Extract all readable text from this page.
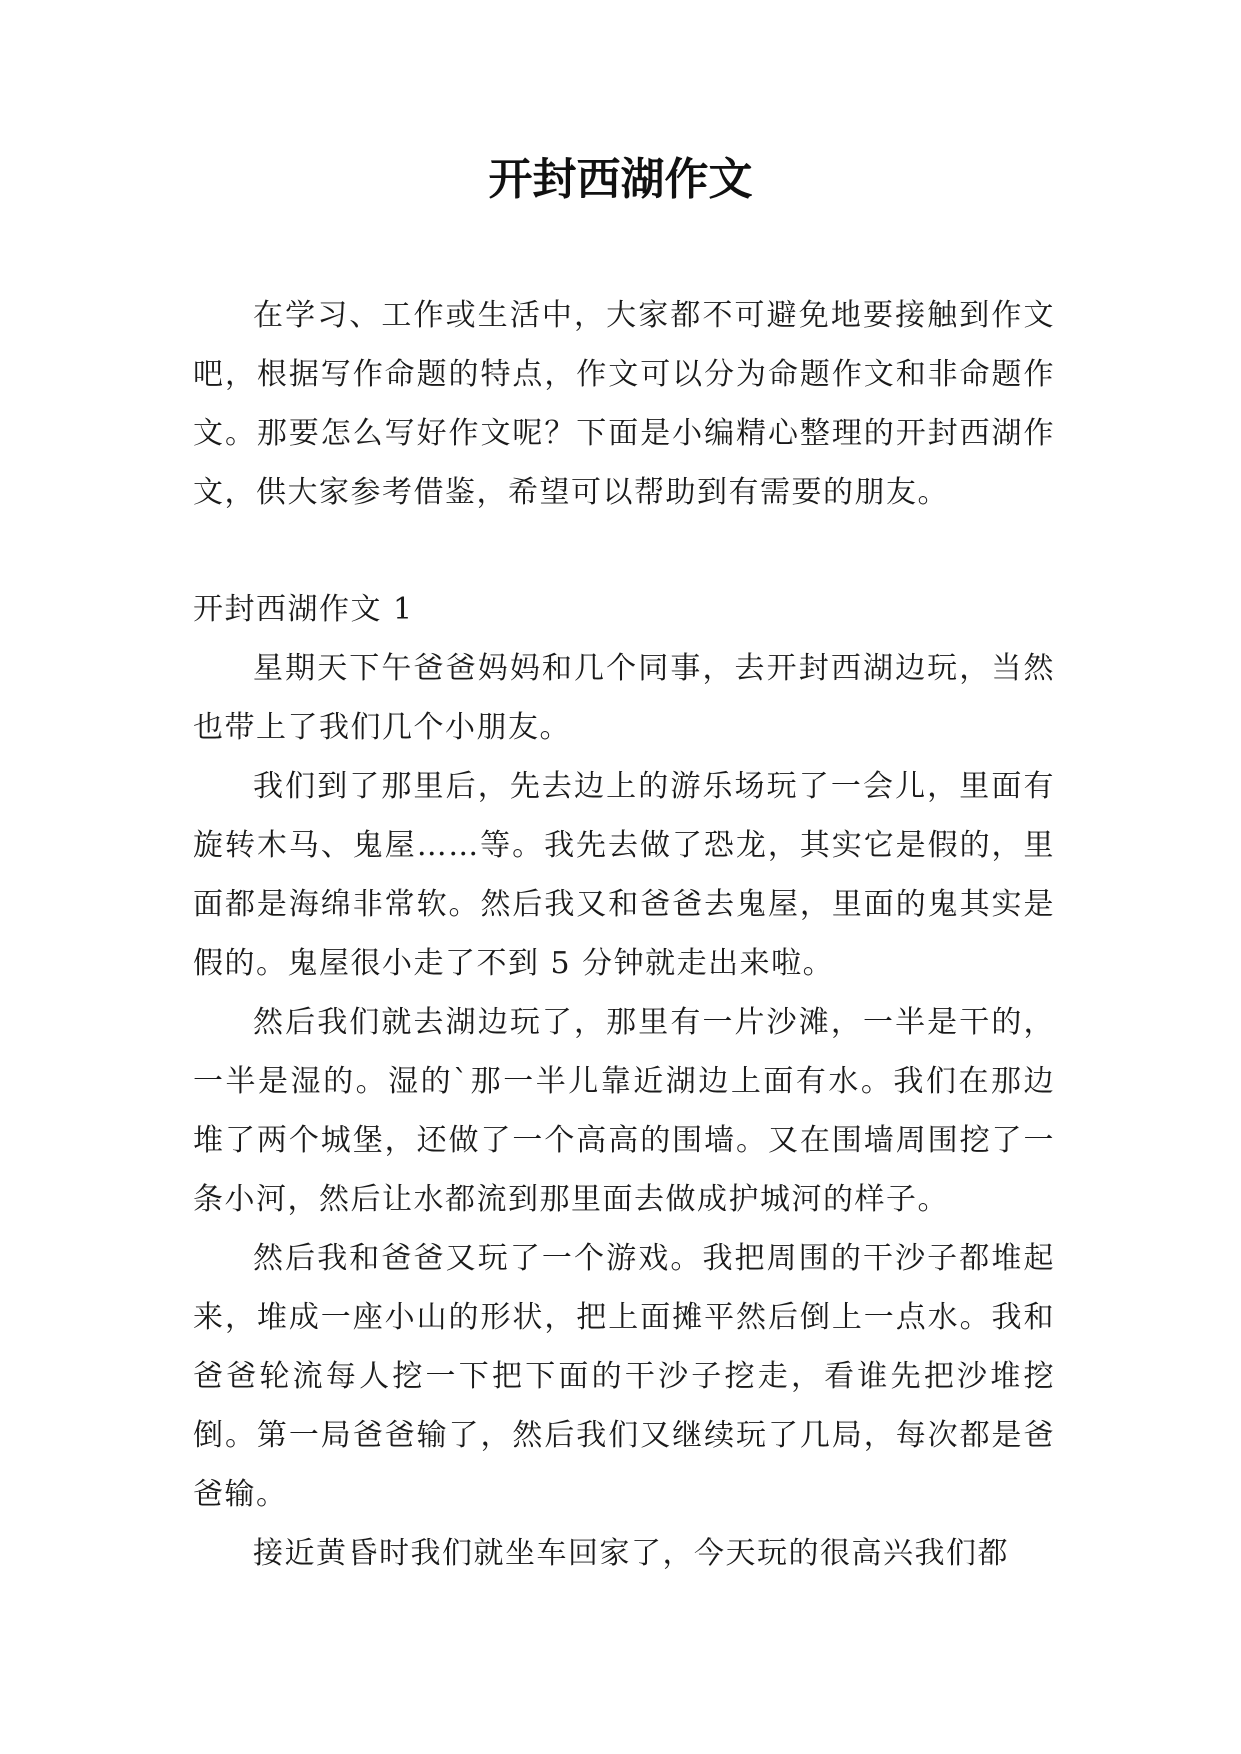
开封西湖作文

在学习、工作或生活中，大家都不可避免地要接触到作文吧，根据写作命题的特点，作文可以分为命题作文和非命题作文。那要怎么写好作文呢？下面是小编精心整理的开封西湖作文，供大家参考借鉴，希望可以帮助到有需要的朋友。

开封西湖作文 1

星期天下午爸爸妈妈和几个同事，去开封西湖边玩，当然也带上了我们几个小朋友。

我们到了那里后，先去边上的游乐场玩了一会儿，里面有旋转木马、鬼屋……等。我先去做了恐龙，其实它是假的，里面都是海绵非常软。然后我又和爸爸去鬼屋，里面的鬼其实是假的。鬼屋很小走了不到 5 分钟就走出来啦。

然后我们就去湖边玩了，那里有一片沙滩，一半是干的，一半是湿的。湿的`那一半儿靠近湖边上面有水。我们在那边堆了两个城堡，还做了一个高高的围墙。又在围墙周围挖了一条小河，然后让水都流到那里面去做成护城河的样子。

然后我和爸爸又玩了一个游戏。我把周围的干沙子都堆起来，堆成一座小山的形状，把上面摊平然后倒上一点水。我和爸爸轮流每人挖一下把下面的干沙子挖走，看谁先把沙堆挖倒。第一局爸爸输了，然后我们又继续玩了几局，每次都是爸爸输。

接近黄昏时我们就坐车回家了，今天玩的很高兴我们都
